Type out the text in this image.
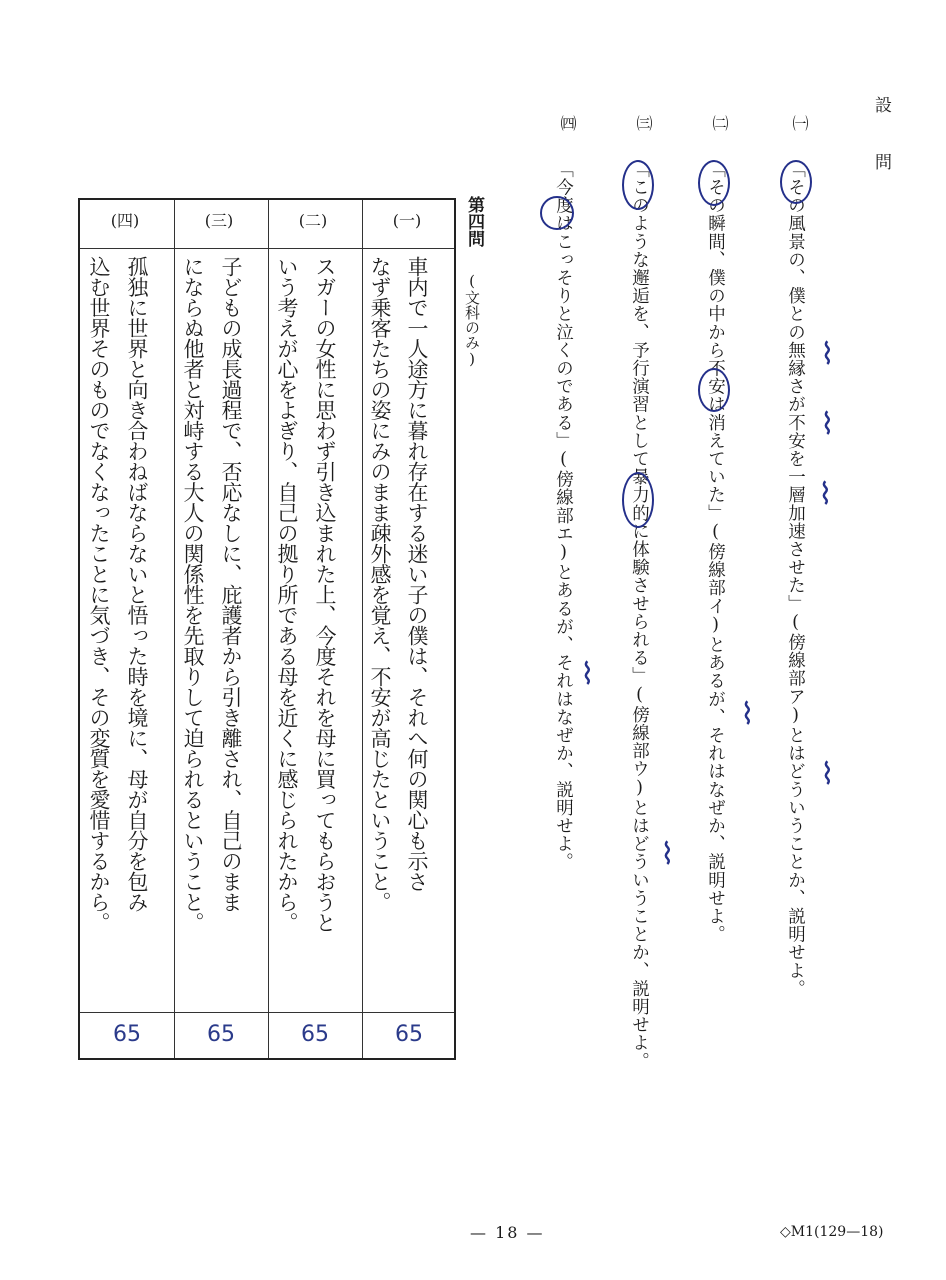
設 問
㈠
「その風景の、僕との無縁さが不安を一層加速させた」(傍線部ア)とはどういうことか、説明せよ。
㈡
「その瞬間、僕の中から不安は消えていた」(傍線部イ)とあるが、それはなぜか、説明せよ。
㈢
「このような邂逅を、予行演習として暴力的に体験させられる」(傍線部ウ)とはどういうことか、説明せよ。
㈣
「今度はこっそりと泣くのである」(傍線部エ)とあるが、それはなぜか、説明せよ。	⌇
⌇
⌇
⌇
⌇
⌇
⌇
第四問
(文科のみ)
(一)
車内で一人途方に暮れ存在する迷い子の僕は、それへ何の関心も示さ
なず乗客たちの姿にみのまま疎外感を覚え、不安が高じたということ。
65
(二)
スガーの女性に思わず引き込まれた上、今度それを母に買ってもらおうと
いう考えが心をよぎり、自己の拠り所である母を近くに感じられたから。
65
(三)
子どもの成長過程で、否応なしに、庇護者から引き離され、自己のまま
にならぬ他者と対峙する大人の関係性を先取りして迫られるということ。
65
(四)
孤独に世界と向き合わねばならないと悟った時を境に、母が自分を包み
込む世界そのものでなくなったことに気づき、その変質を愛惜するから。
65
— 18 —	◇M1(129—18)
